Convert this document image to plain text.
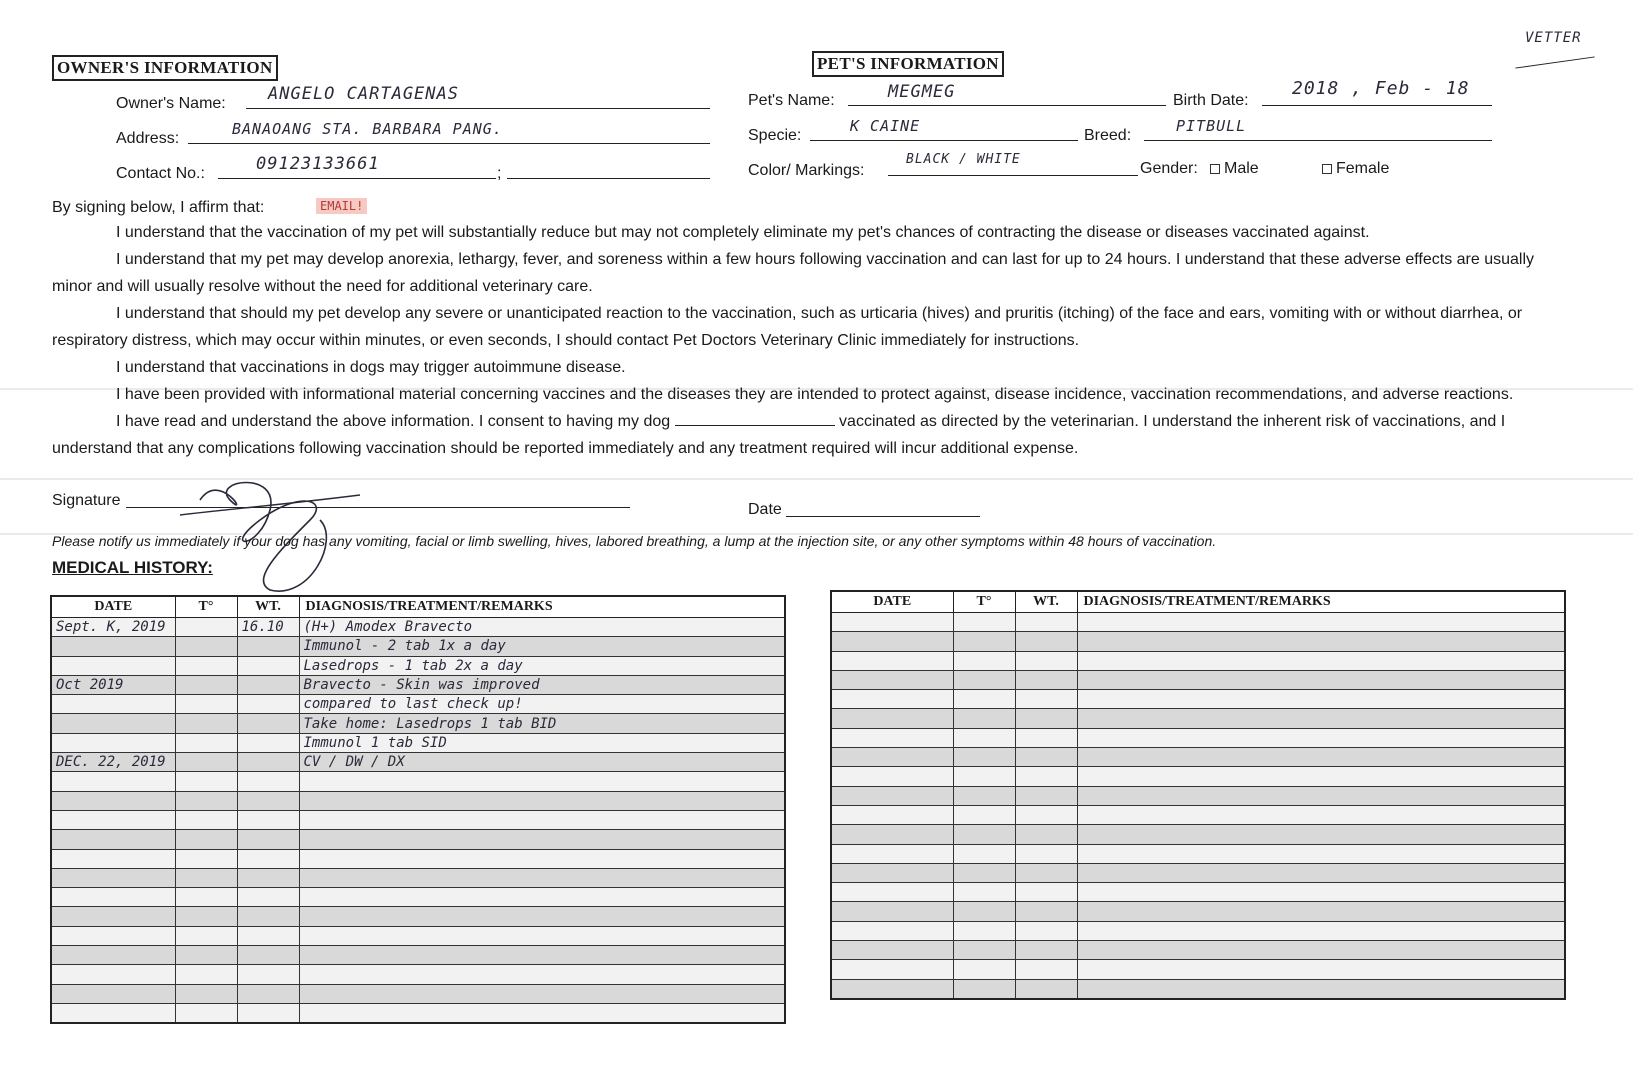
VETTER
OWNER'S INFORMATION
Owner's Name: ANGELO CARTAGENAS
Address:
BANAOANG STA. BARBARA PANG.
Contact No.:	09123133661	;
PET'S INFORMATION
Pet's Name:	MEGMEG	Birth Date:
2018 , Feb - 18
Specie:
K CAINE
Breed:
PITBULL
Color/ Markings:
BLACK / WHITE
Gender:	Male	Female
By signing below, I affirm that:	EMAIL!

I understand that the vaccination of my pet will substantially reduce but may not completely eliminate my pet's chances of contracting the disease or diseases vaccinated against.

I understand that my pet may develop anorexia, lethargy, fever, and soreness within a few hours following vaccination and can last for up to 24 hours. I understand that these adverse effects are usually minor and will usually resolve without the need for additional veterinary care.

I understand that should my pet develop any severe or unanticipated reaction to the vaccination, such as urticaria (hives) and pruritis (itching) of the face and ears, vomiting with or without diarrhea, or respiratory distress, which may occur within minutes, or even seconds, I should contact Pet Doctors Veterinary Clinic immediately for instructions.

I understand that vaccinations in dogs may trigger autoimmune disease.

I have been provided with informational material concerning vaccines and the diseases they are intended to protect against, disease incidence, vaccination recommendations, and adverse reactions.

I have read and understand the above information. I consent to having my dog	vaccinated as directed by the veterinarian. I understand the inherent risk of vaccinations, and I understand that any complications following vaccination should be reported immediately and any treatment required will incur additional expense.

Signature
Date
Please notify us immediately if your dog has any vomiting, facial or limb swelling, hives, labored breathing, a lump at the injection site, or any other symptoms within 48 hours of vaccination.
MEDICAL HISTORY:
DATE	T°	WT.	DIAGNOSIS/TREATMENT/REMARKS
Sept. K, 2019		16.10	(H+) Amodex Bravecto
			Immunol - 2 tab 1x a day
			Lasedrops - 1 tab 2x a day
Oct 2019			Bravecto - Skin was improved
			compared to last check up!
			Take home: Lasedrops 1 tab BID
			Immunol 1 tab SID
DEC. 22, 2019			CV / DW / DX

DATE	T°	WT.	DIAGNOSIS/TREATMENT/REMARKS
